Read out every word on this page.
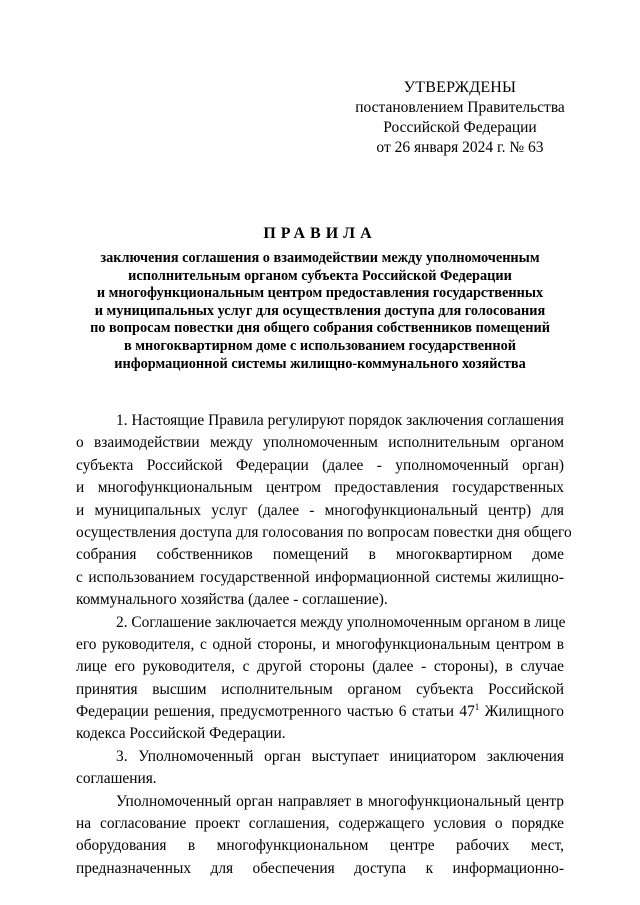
УТВЕРЖДЕНЫ
постановлением Правительства
Российской Федерации
от 26 января 2024 г. № 63
ПРАВИЛА
заключения соглашения о взаимодействии между уполномоченным
исполнительным органом субъекта Российской Федерации
и многофункциональным центром предоставления государственных
и муниципальных услуг для осуществления доступа для голосования
по вопросам повестки дня общего собрания собственников помещений
в многоквартирном доме с использованием государственной
информационной системы жилищно-коммунального хозяйства
1. Настоящие Правила регулируют порядок заключения соглашения
о взаимодействии между уполномоченным исполнительным органом
субъекта Российской Федерации (далее - уполномоченный орган)
и многофункциональным центром предоставления государственных
и муниципальных услуг (далее - многофункциональный центр) для
осуществления доступа для голосования по вопросам повестки дня общего
собрания собственников помещений в многоквартирном доме
с использованием государственной информационной системы жилищно-
коммунального хозяйства (далее - соглашение).
2. Соглашение заключается между уполномоченным органом в лице
его руководителя, с одной стороны, и многофункциональным центром в
лице его руководителя, с другой стороны (далее - стороны), в случае
принятия высшим исполнительным органом субъекта Российской
Федерации решения, предусмотренного частью 6 статьи $47^1$ Жилищного
кодекса Российской Федерации.
3. Уполномоченный орган выступает инициатором заключения
соглашения.
Уполномоченный орган направляет в многофункциональный центр
на согласование проект соглашения, содержащего условия о порядке
оборудования в многофункциональном центре рабочих мест,
предназначенных для обеспечения доступа к информационно-
